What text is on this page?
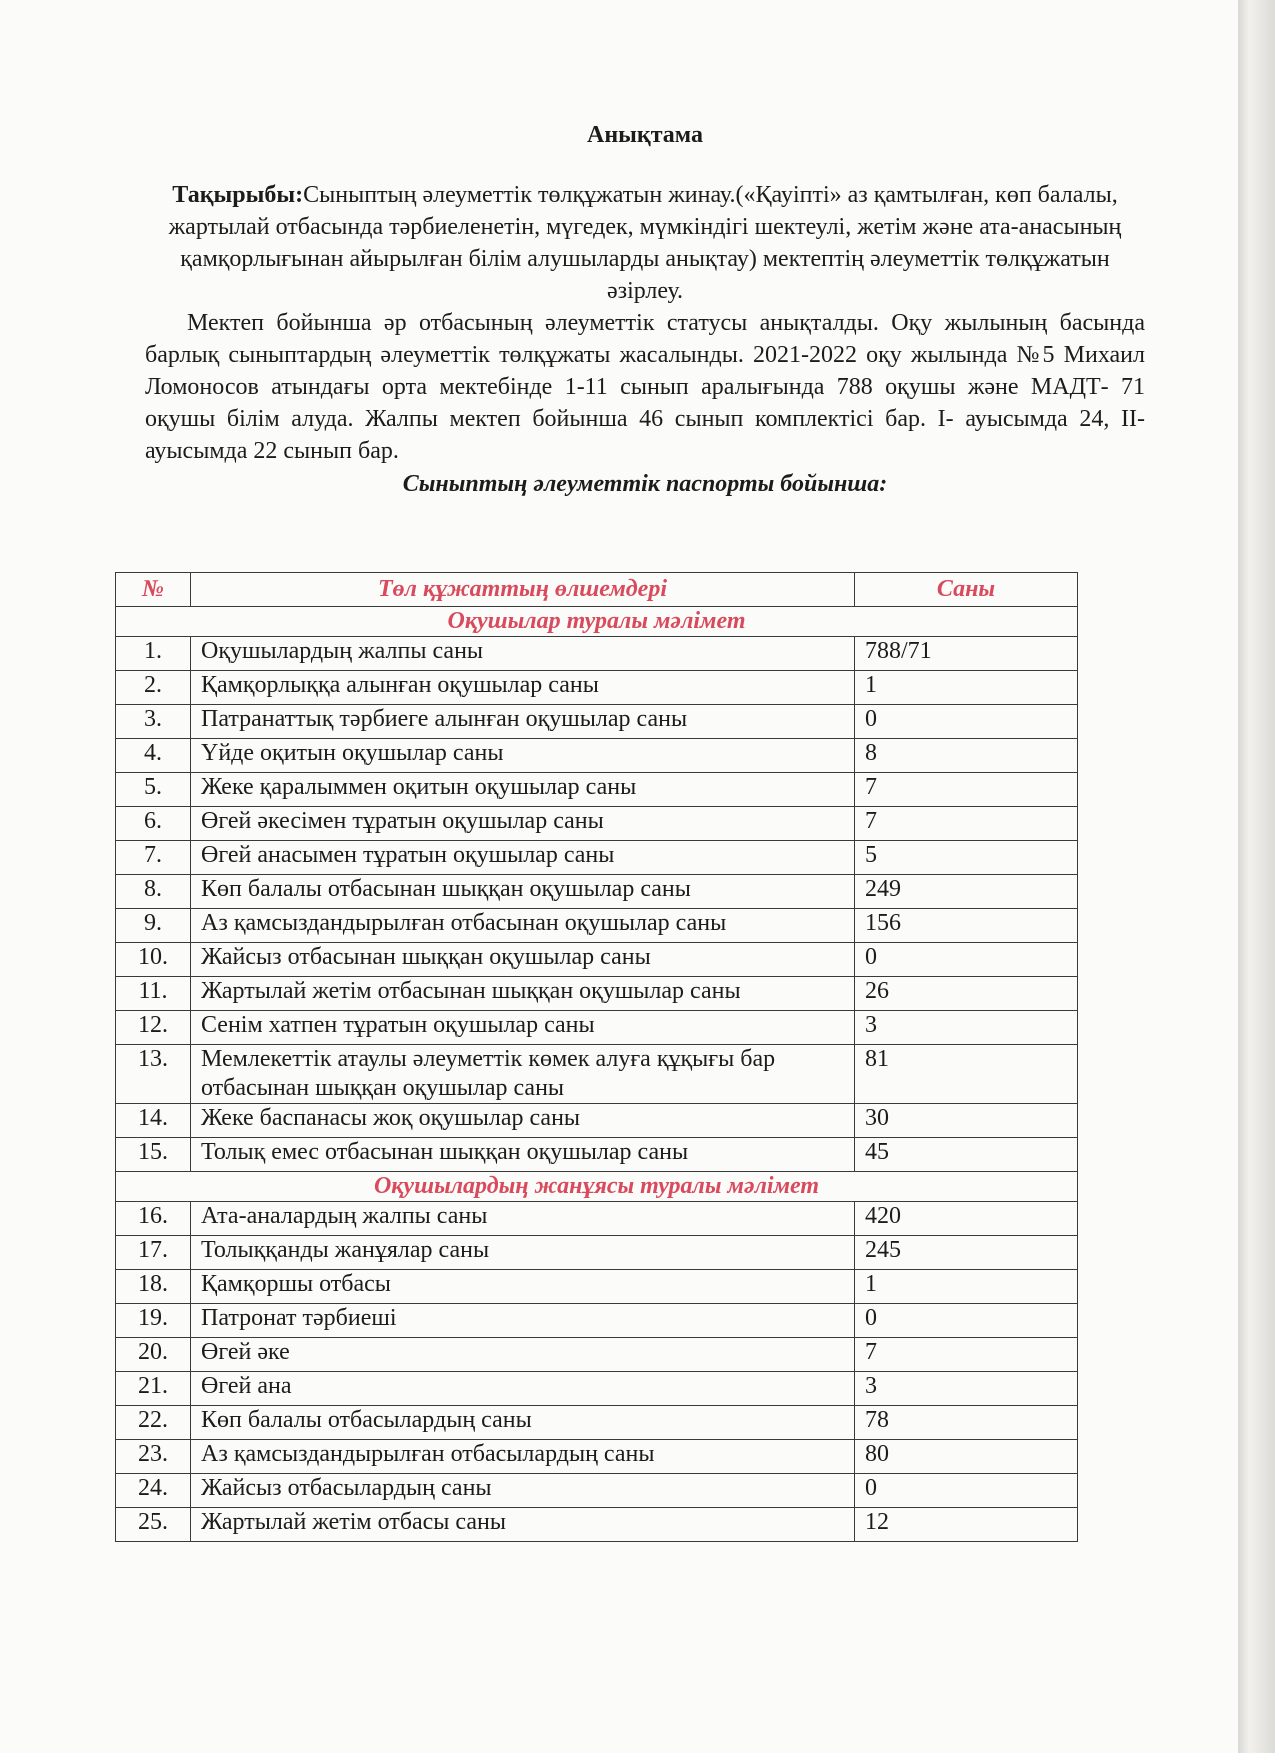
Анықтама

Тақырыбы:Сыныптың әлеуметтік төлқұжатын жинау.(«Қауіпті» аз қамтылған, көп балалы, жартылай отбасында тәрбиеленетін, мүгедек, мүмкіндігі шектеулі, жетім және ата-анасының қамқорлығынан айырылған білім алушыларды анықтау) мектептің әлеуметтік төлқұжатын әзірлеу.

Мектеп бойынша әр отбасының әлеуметтік статусы анықталды. Оқу жылының басында барлық сыныптардың әлеуметтік төлқұжаты жасалынды. 2021-2022 оқу жылында №5 Михаил Ломоносов атындағы орта мектебінде 1-11 сынып аралығында 788 оқушы және МАДТ- 71 оқушы білім алуда. Жалпы мектеп бойынша 46 сынып комплектісі бар. I- ауысымда 24, II-ауысымда 22 сынып бар.

Сыныптың әлеуметтік паспорты бойынша:

№	Төл құжаттың өлшемдері	Саны
Оқушылар туралы мәлімет		
1.	Оқушылардың жалпы саны	788/71
2.	Қамқорлыққа алынған оқушылар саны	1
3.	Патранаттық тәрбиеге алынған оқушылар саны	0
4.	Үйде оқитын оқушылар саны	8
5.	Жеке қаралыммен оқитын оқушылар саны	7
6.	Өгей әкесімен тұратын оқушылар саны	7
7.	Өгей анасымен тұратын оқушылар саны	5
8.	Көп балалы отбасынан шыққан оқушылар саны	249
9.	Аз қамсыздандырылған отбасынан оқушылар саны	156
10.	Жайсыз отбасынан шыққан оқушылар саны	0
11.	Жартылай жетім отбасынан шыққан оқушылар саны	26
12.	Сенім хатпен тұратын оқушылар саны	3
13.	Мемлекеттік атаулы әлеуметтік көмек алуға құқығы бар отбасынан шыққан оқушылар саны	81
14.	Жеке баспанасы жоқ оқушылар саны	30
15.	Толық емес отбасынан шыққан оқушылар саны	45
Оқушылардың жанұясы туралы мәлімет		
16.	Ата-аналардың жалпы саны	420
17.	Толыққанды жанұялар саны	245
18.	Қамқоршы отбасы	1
19.	Патронат тәрбиеші	0
20.	Өгей әке	7
21.	Өгей ана	3
22.	Көп балалы отбасылардың саны	78
23.	Аз қамсыздандырылған отбасылардың саны	80
24.	Жайсыз отбасылардың саны	0
25.	Жартылай жетім отбасы саны	12
